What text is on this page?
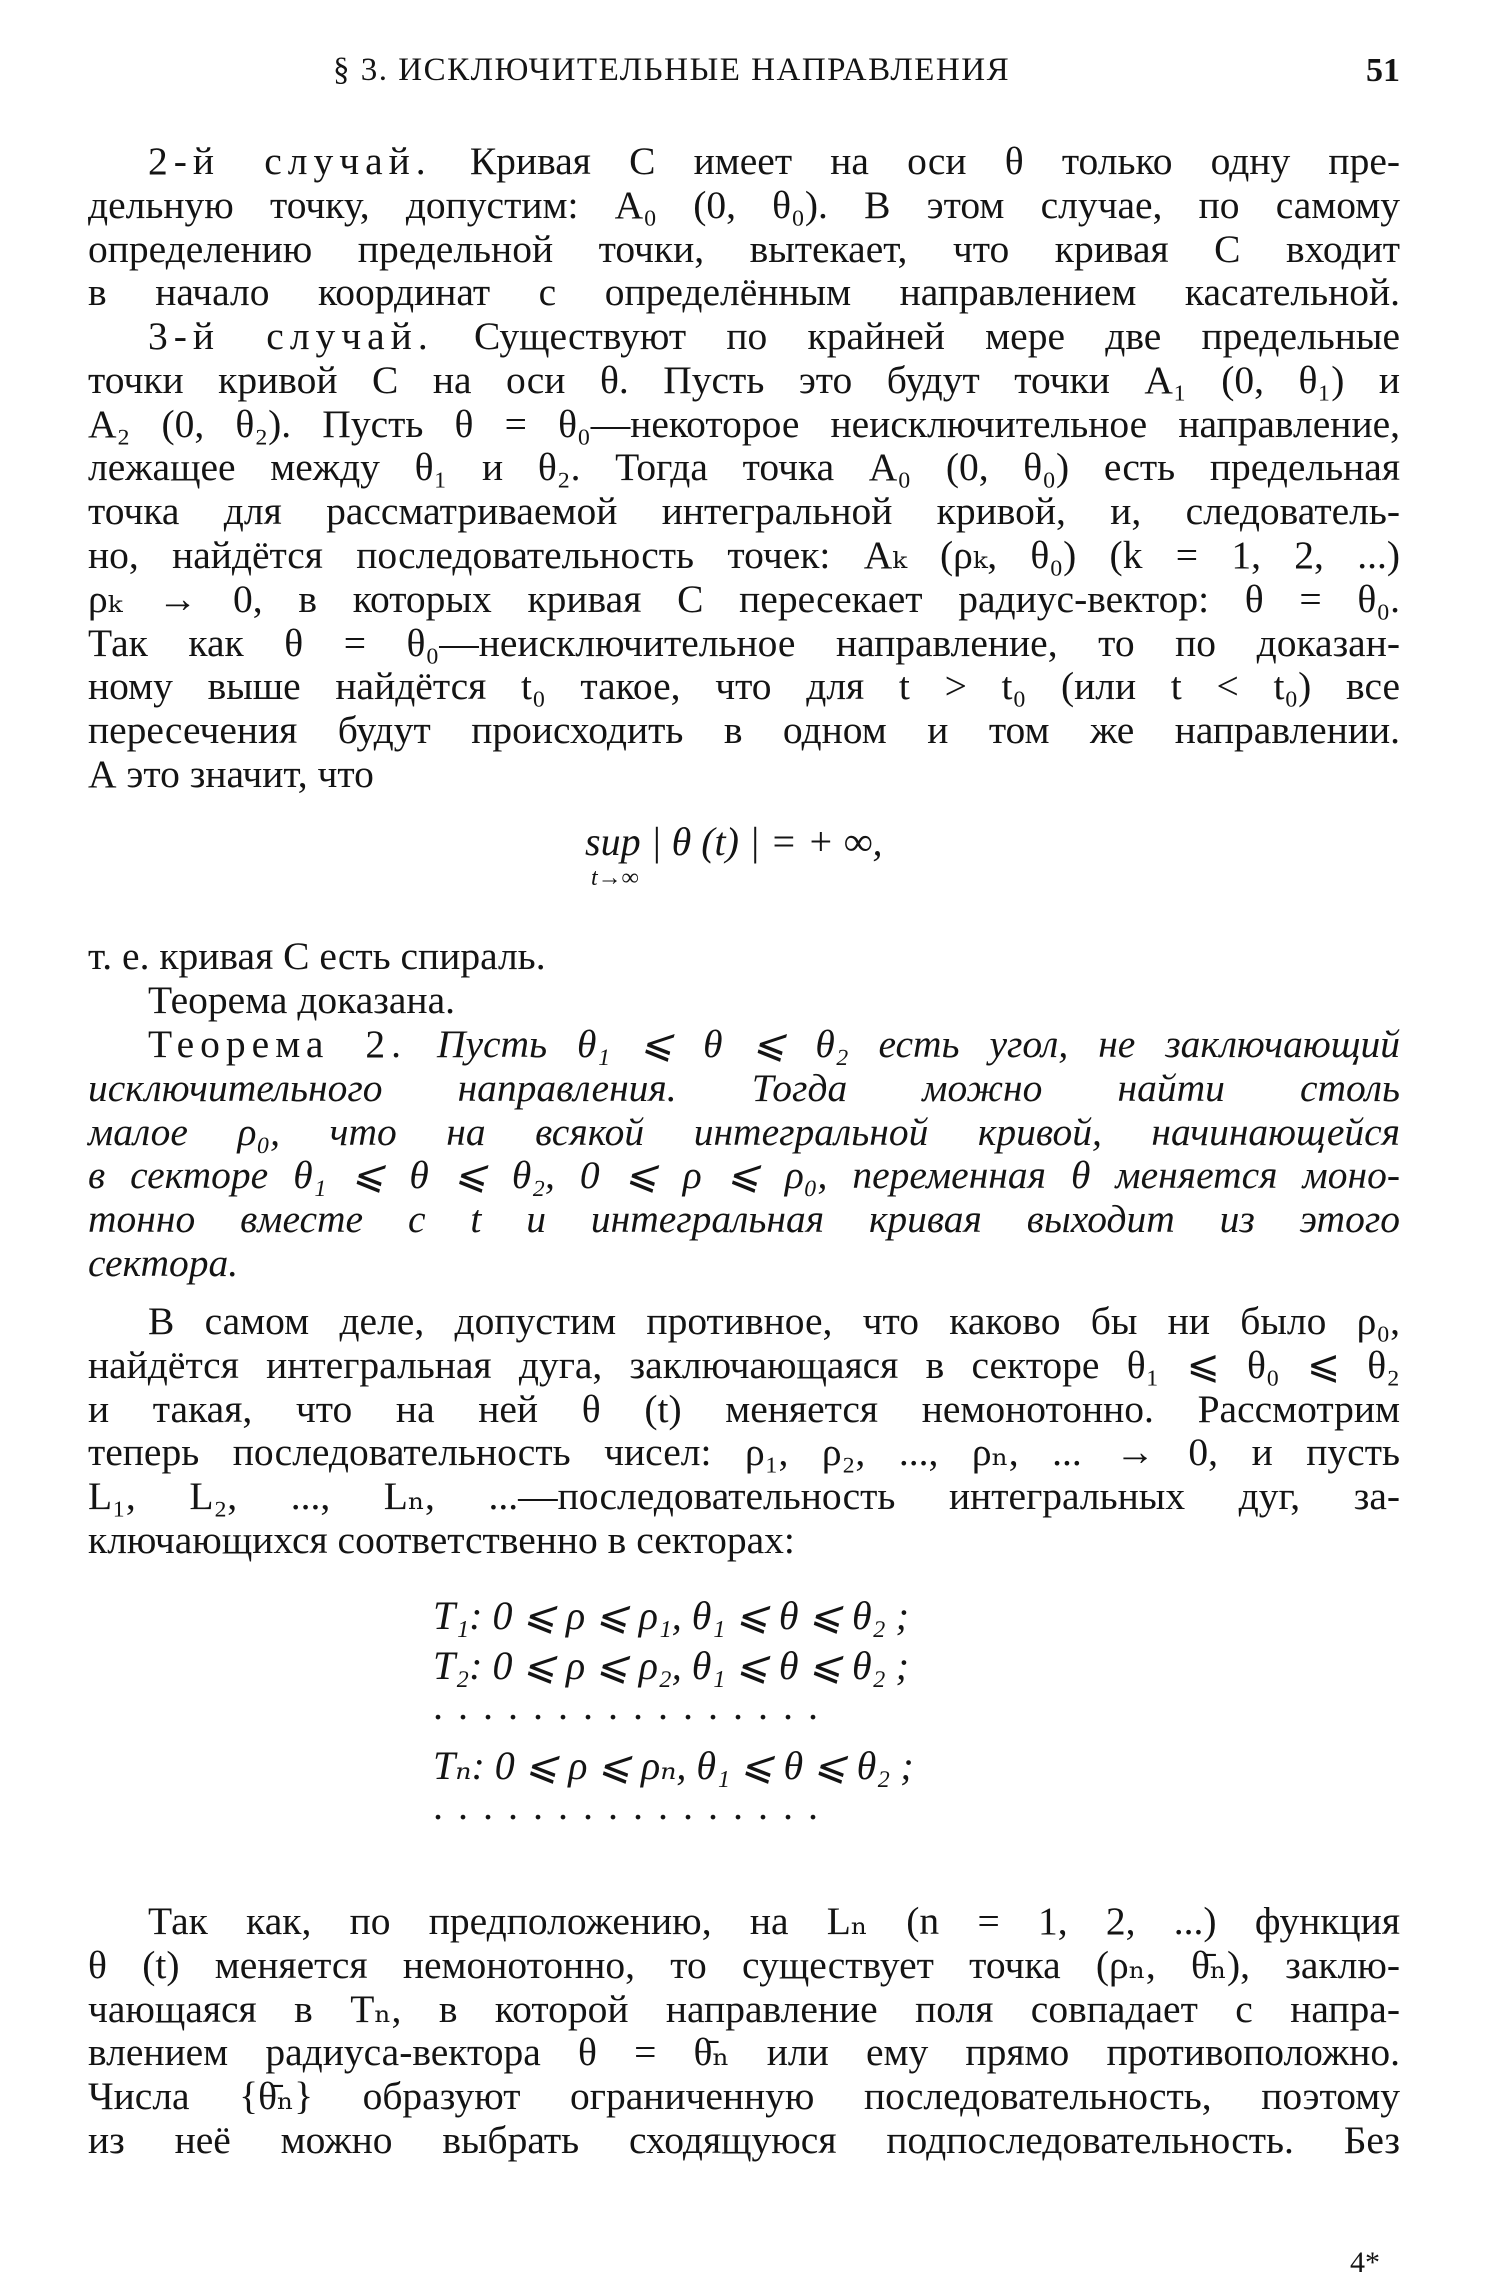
§ 3. ИСКЛЮЧИТЕЛЬНЫЕ НАПРАВЛЕНИЯ	51
2-й случай. Кривая C имеет на оси θ только одну пре-
дельную точку, допустим: A₀ (0, θ₀). В этом случае, по самому
определению предельной точки, вытекает, что кривая C входит
в начало координат с определённым направлением касательной.
3-й случай. Существуют по крайней мере две предельные
точки кривой C на оси θ. Пусть это будут точки A₁ (0, θ₁) и
A₂ (0, θ₂). Пусть θ = θ₀—некоторое неисключительное направление,
лежащее между θ₁ и θ₂. Тогда точка A₀ (0, θ₀) есть предельная
точка для рассматриваемой интегральной кривой, и, следователь-
но, найдётся последовательность точек: Aₖ (ρₖ, θ₀) (k = 1, 2, ...)
ρₖ → 0, в которых кривая C пересекает радиус-вектор: θ = θ₀.
Так как θ = θ₀—неисключительное направление, то по доказан-
ному выше найдётся t₀ такое, что для t > t₀ (или t < t₀) все
пересечения будут происходить в одном и том же направлении.
А это значит, что
sup | θ (t) | = + ∞,
t→∞
т. е. кривая C есть спираль.
Теорема доказана.
Теорема 2. Пусть θ₁ ⩽ θ ⩽ θ₂ есть угол, не заключающий
исключительного направления. Тогда можно найти столь
малое ρ₀, что на всякой интегральной кривой, начинающейся
в секторе θ₁ ⩽ θ ⩽ θ₂, 0 ⩽ ρ ⩽ ρ₀, переменная θ меняется моно-
тонно вместе с t и интегральная кривая выходит из этого
сектора.
В самом деле, допустим противное, что каково бы ни было ρ₀,
найдётся интегральная дуга, заключающаяся в секторе θ₁ ⩽ θ₀ ⩽ θ₂
и такая, что на ней θ (t) меняется немонотонно. Рассмотрим
теперь последовательность чисел: ρ₁, ρ₂, ..., ρₙ, ... → 0, и пусть
L₁, L₂, ..., Lₙ, ...—последовательность интегральных дуг, за-
ключающихся соответственно в секторах:
T₁: 0 ⩽ ρ ⩽ ρ₁, θ₁ ⩽ θ ⩽ θ₂ ;
T₂: 0 ⩽ ρ ⩽ ρ₂, θ₁ ⩽ θ ⩽ θ₂ ;
................
Tₙ: 0 ⩽ ρ ⩽ ρₙ, θ₁ ⩽ θ ⩽ θ₂ ;
................
Так как, по предположению, на Lₙ (n = 1, 2, ...) функция
θ (t) меняется немонотонно, то существует точка (ρₙ, θ̄ₙ), заклю-
чающаяся в Tₙ, в которой направление поля совпадает с напра-
влением радиуса-вектора θ = θ̄ₙ или ему прямо противоположно.
Числа {θ̄ₙ} образуют ограниченную последовательность, поэтому
из неё можно выбрать сходящуюся подпоследовательность. Без
4*
